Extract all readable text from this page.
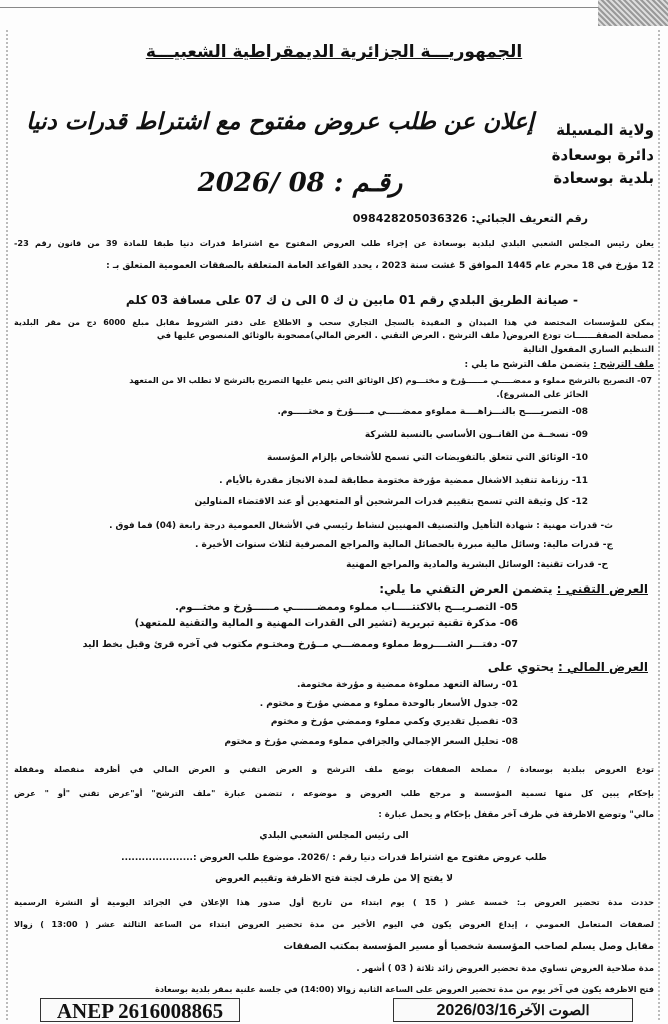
الجمهوريـــة الجزائرية الديمقراطية الشعبيـــة
ولاية المسيلة
دائرة بوسعادة
بلدية بوسعادة
إعلان عن طلب عروض مفتوح مع اشتراط قدرات دنيا
رقـم : 08 /2026
رقم التعريف الجبائي: 098428205036326
يعلن رئيس المجلس الشعبي البلدي لبلدية بوسعادة عن إجراء طلب العروض المفتوح مع اشتراط قدرات دنيا طبقا للمادة 39 من قانون رقم 23-
12 مؤرخ في 18 محرم عام 1445 الموافق 5 غشت سنة 2023 ، يحدد القواعد العامة المتعلقة بالصفقات العمومية المتعلق بـ :
- صيانة الطريق البلدي رقم 01 مابين ن ك 0 الى ن ك 07 على مسافة 03 كلم
يمكن للمؤسسات المختصة في هذا الميدان و المقيدة بالسجل التجاري سحب و الاطلاع على دفتر الشروط مقابل مبلغ 6000 دج من مقر البلدية
مصلحة الصفقـــــــات تودع العروض( ملف الترشح . العرض التقني . العرض المالي)مصحوبة بالوثائق المنصوص عليها في
التنظيم الساري المفعول التالية
ملف الترشح : يتضمن ملف الترشح ما يلي :
07- التصريح بالترشح مملوء و ممضـــــي مــــــؤرخ و مختـــوم (كل الوثائق التي ينص عليها التصريح بالترشح لا تطلب الا من المتعهد
الحائز على المشروع).
08- التصريـــــح بالنـــزاهــــة مملوءو ممضـــــي مـــــؤرخ و مختـــــوم.
09- نسخــة من القانــون الأساسي بالنسبة للشركة
10- الوثائق التي تتعلق بالتفويضات التي تسمح للأشخاص بإلزام المؤسسة
11- رزنامة تنفيذ الاشغال ممضية مؤرخة مختومة مطابقة لمدة الانجاز مقدرة بالأيام .
12- كل وثيقة التي تسمح بتقييم قدرات المرشحين أو المتعهدين أو عند الاقتضاء المناولين
ث- قدرات مهنية : شهادة التأهيل والتصنيف المهنيين لنشاط رئيسي في الأشغال العمومية درجة رابعة (04) فما فوق .
ج- قدرات مالية: وسائل مالية مبررة بالحصائل المالية والمراجع المصرفية لثلاث سنوات الأخيرة .
ح- قدرات تقنية: الوسائل البشرية والمادية والمراجع المهنية
العرض التقني : يتضمن العرض التقني ما يلي:
05- التصـريـــح بالاكتتـــــاب مملوء وممضـــــــي مــــــؤرخ و مختـــوم.
06- مذكرة تقنية تبريرية (تشير الى القدرات المهنية و المالية والتقنية للمتعهد)
07- دفتـــر الشــــروط مملوء وممضـــي مــؤرخ ومختـوم مكتوب في آخره قرئ وقبل بخط اليد
العرض المالي : يحتوي على
01- رسالة التعهد مملوءة ممضية و مؤرخة مختومة.
02- جدول الأسعار بالوحدة مملوء و ممضي مؤرخ و مختوم .
03- تفصيل تقديري وكمي مملوء وممضي مؤرخ و مختوم
08- تحليل السعر الإجمالي والجزافي مملوء وممضي مؤرخ و مختوم
تودع العروض ببلدية بوسعادة / مصلحة الصفقات بوضع ملف الترشح و العرض التقني و العرض المالي في أظرفة منفصلة ومقفلة
بإحكام يبين كل منها تسمية المؤسسة و مرجع طلب العروض و موضوعه ، تتضمن عبارة "ملف الترشح" أو"عرض تقني "أو " عرض
مالي" وتوضع الاظرفة في ظرف آخر مقفل بإحكام و يحمل عبارة :
الى رئيس المجلس الشعبي البلدي
طلب عروض مفتوح مع اشتراط قدرات دنيا رقم : /2026. موضوع طلب العروض :.....................
لا يفتح إلا من طرف لجنة فتح الاظرفة وتقييم العروض
حددت مدة تحضير العروض بـ: خمسة عشر ( 15 ) يوم ابتداء من تاريخ أول صدور هذا الإعلان في الجرائد اليومية أو النشرة الرسمية
لصفقات المتعامل العمومي ، إيداع العروض يكون في اليوم الأخير من مدة تحضير العروض ابتداء من الساعة الثالثة عشر ( 13:00 ) زوالا
مقابل وصل يسلم لصاحب المؤسسة شخصيا أو مسير المؤسسة بمكتب الصفقات
مدة صلاحية العروض تساوي مدة تحضير العروض زائد ثلاثة ( 03 ) أشهر .
فتح الاظرفة يكون في آخر يوم من مدة تحضير العروض على الساعة الثانية زوالا (14:00) في جلسة علنية بمقر بلدية بوسعادة
ANEP 2616008865	الصوت الآخر2026/03/16
